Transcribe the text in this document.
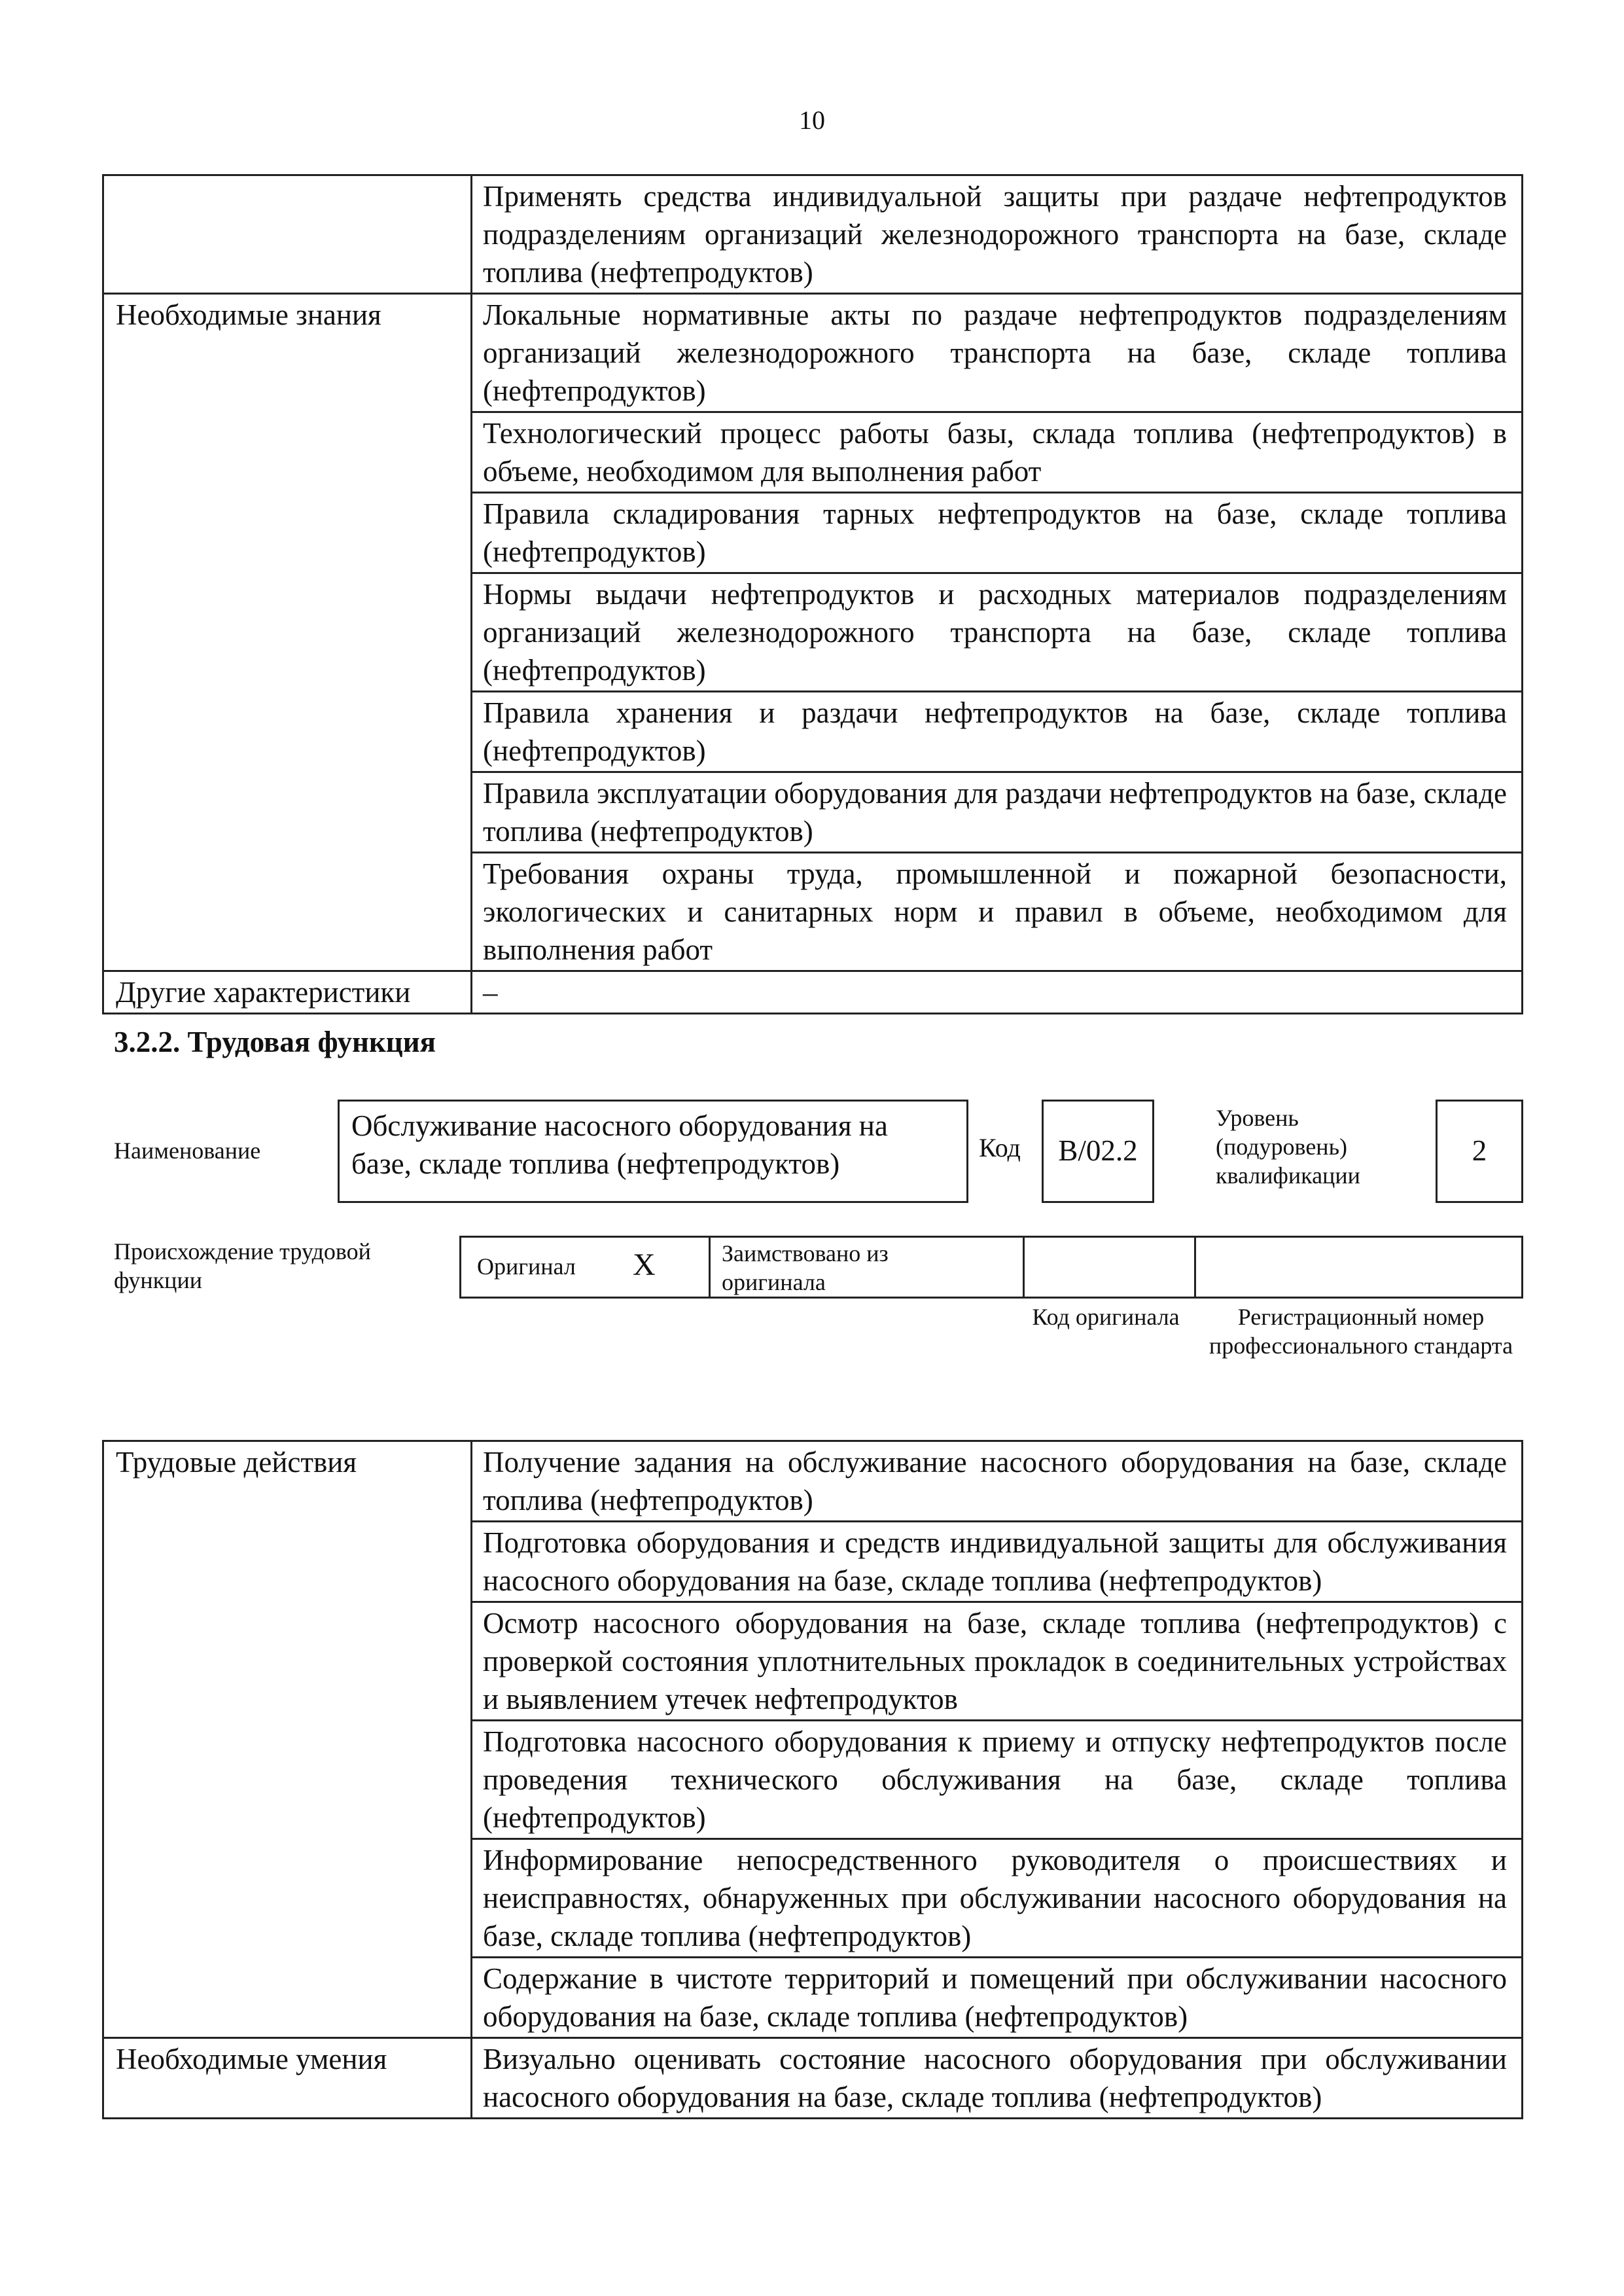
10
	Применять средства индивидуальной защиты при раздаче нефтепродуктов подразделениям организаций железнодорожного транспорта на базе, складе топлива (нефтепродуктов)
Необходимые знания	Локальные нормативные акты по раздаче нефтепродуктов подразделениям организаций железнодорожного транспорта на базе, складе топлива (нефтепродуктов)
	Технологический процесс работы базы, склада топлива (нефтепродуктов) в объеме, необходимом для выполнения работ
	Правила складирования тарных нефтепродуктов на базе, складе топлива (нефтепродуктов)
	Нормы выдачи нефтепродуктов и расходных материалов подразделениям организаций железнодорожного транспорта на базе, складе топлива (нефтепродуктов)
	Правила хранения и раздачи нефтепродуктов на базе, складе топлива (нефтепродуктов)
	Правила эксплуатации оборудования для раздачи нефтепродуктов на базе, складе топлива (нефтепродуктов)
	Требования охраны труда, промышленной и пожарной безопасности, экологических и санитарных норм и правил в объеме, необходимом для выполнения работ
Другие характеристики	–
3.2.2. Трудовая функция
Наименование
Обслуживание насосного оборудования на базе, складе топлива (нефтепродуктов)	Код	B/02.2
Уровень (подуровень) квалификации
2
Происхождение трудовой функции
Оригинал X	Заимствовано из оригинала
Код оригинала	Регистрационный номер профессионального стандарта
Трудовые действия	Получение задания на обслуживание насосного оборудования на базе, складе топлива (нефтепродуктов)
	Подготовка оборудования и средств индивидуальной защиты для обслуживания насосного оборудования на базе, складе топлива (нефтепродуктов)
	Осмотр насосного оборудования на базе, складе топлива (нефтепродуктов) с проверкой состояния уплотнительных прокладок в соединительных устройствах и выявлением утечек нефтепродуктов
	Подготовка насосного оборудования к приему и отпуску нефтепродуктов после проведения технического обслуживания на базе, складе топлива (нефтепродуктов)
	Информирование непосредственного руководителя о происшествиях и неисправностях, обнаруженных при обслуживании насосного оборудования на базе, складе топлива (нефтепродуктов)
	Содержание в чистоте территорий и помещений при обслуживании насосного оборудования на базе, складе топлива (нефтепродуктов)
Необходимые умения	Визуально оценивать состояние насосного оборудования при обслуживании насосного оборудования на базе, складе топлива (нефтепродуктов)
